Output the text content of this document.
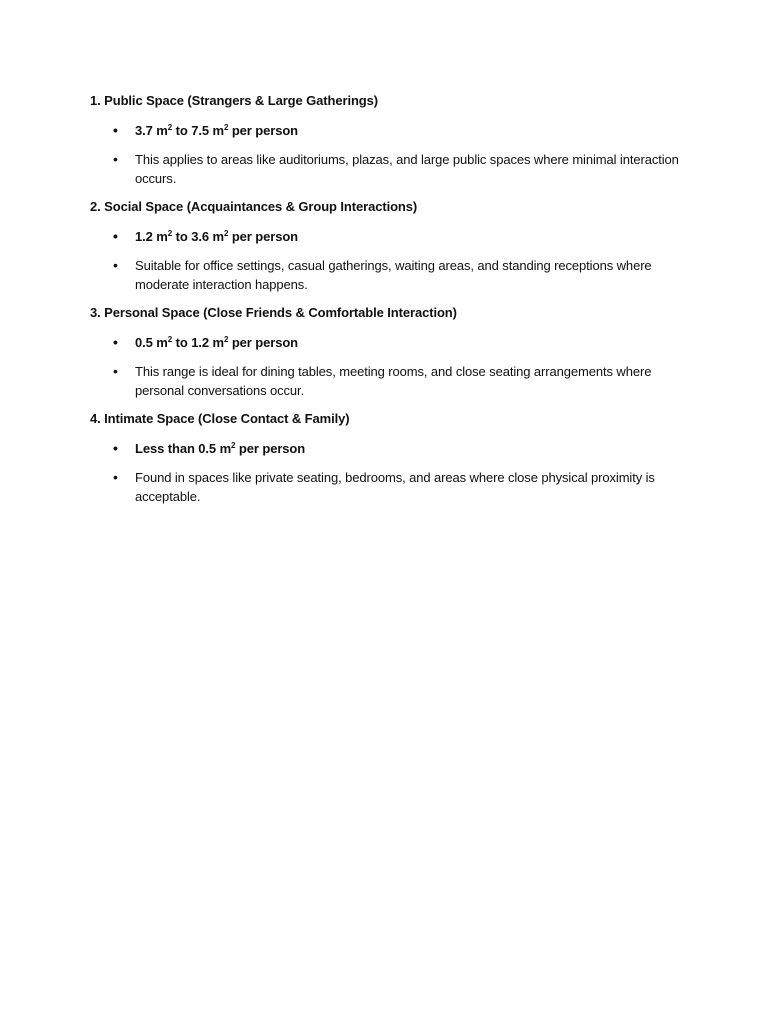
1. Public Space (Strangers & Large Gatherings)
• 3.7 $m^2$ to 7.5 $m^2$ per person
• This applies to areas like auditoriums, plazas, and large public spaces where minimal interaction occurs.
2. Social Space (Acquaintances & Group Interactions)
• 1.2 $m^2$ to 3.6 $m^2$ per person
• Suitable for office settings, casual gatherings, waiting areas, and standing receptions where moderate interaction happens.
3. Personal Space (Close Friends & Comfortable Interaction)
• 0.5 $m^2$ to 1.2 $m^2$ per person
• This range is ideal for dining tables, meeting rooms, and close seating arrangements where personal conversations occur.
4. Intimate Space (Close Contact & Family)
• Less than 0.5 $m^2$ per person
• Found in spaces like private seating, bedrooms, and areas where close physical proximity is acceptable.
